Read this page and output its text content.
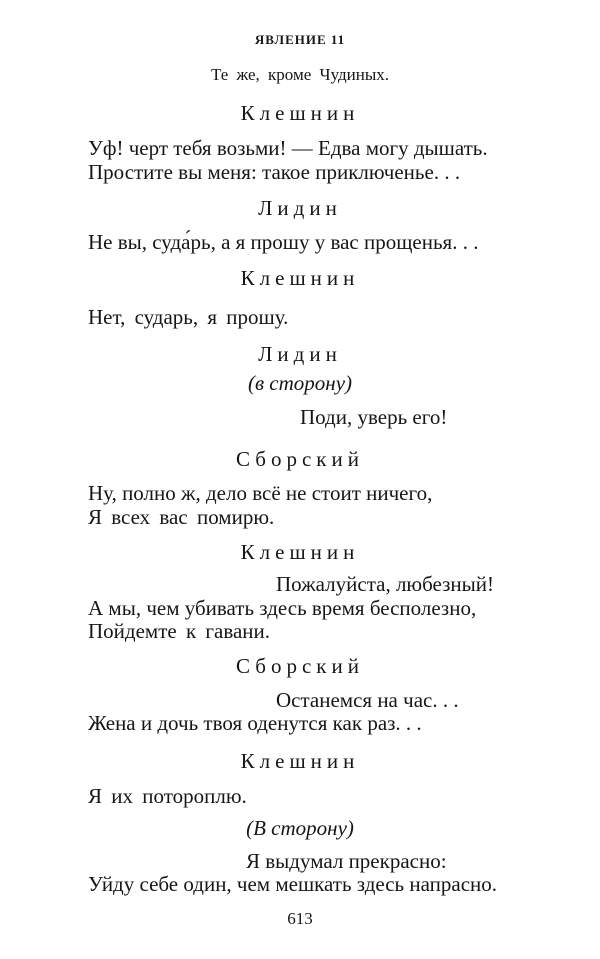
ЯВЛЕНИЕ 11
Те же, кроме Чудиных.
Клешнин
Уф! черт тебя возьми! — Едва могу дышать.
Простите вы меня: такое приключенье. . .
Лидин
Не вы, суда́рь, а я прошу у вас прощенья. . .
Клешнин
Нет, сударь, я прошу.
Лидин
(в сторону)
Поди, уверь его!
Сборский
Ну, полно ж, дело всё не стоит ничего,
Я всех вас помирю.
Клешнин
Пожалуйста, любезный!
А мы, чем убивать здесь время бесполезно,
Пойдемте к гавани.
Сборский
Останемся на час. . .
Жена и дочь твоя оденутся как раз. . .
Клешнин
Я их потороплю.
(В сторону)
Я выдумал прекрасно:
Уйду себе один, чем мешкать здесь напрасно.
613
